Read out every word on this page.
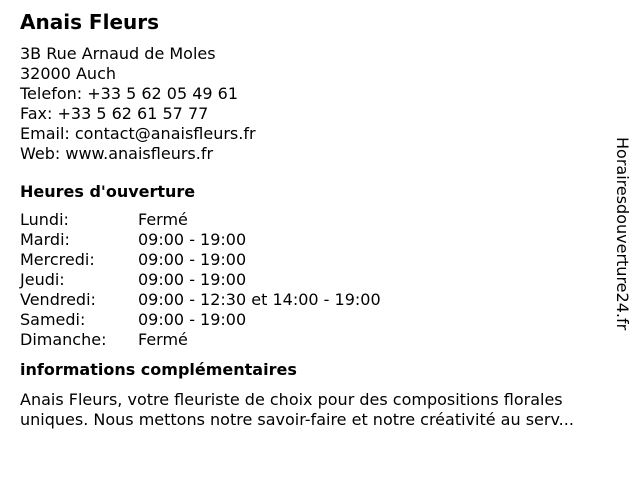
Anais Fleurs
3B Rue Arnaud de Moles
32000 Auch
Telefon: +33 5 62 05 49 61
Fax: +33 5 62 61 57 77
Email: contact@anaisfleurs.fr
Web: www.anaisfleurs.fr
Heures d'ouverture
Lundi:	Fermé
Mardi:	09:00 - 19:00
Mercredi:	09:00 - 19:00
Jeudi:	09:00 - 19:00
Vendredi:	09:00 - 12:30 et 14:00 - 19:00
Samedi:	09:00 - 19:00
Dimanche:	Fermé
informations complémentaires
Anais Fleurs, votre fleuriste de choix pour des compositions florales
uniques. Nous mettons notre savoir-faire et notre créativité au serv...
Horairesdouverture24.fr
